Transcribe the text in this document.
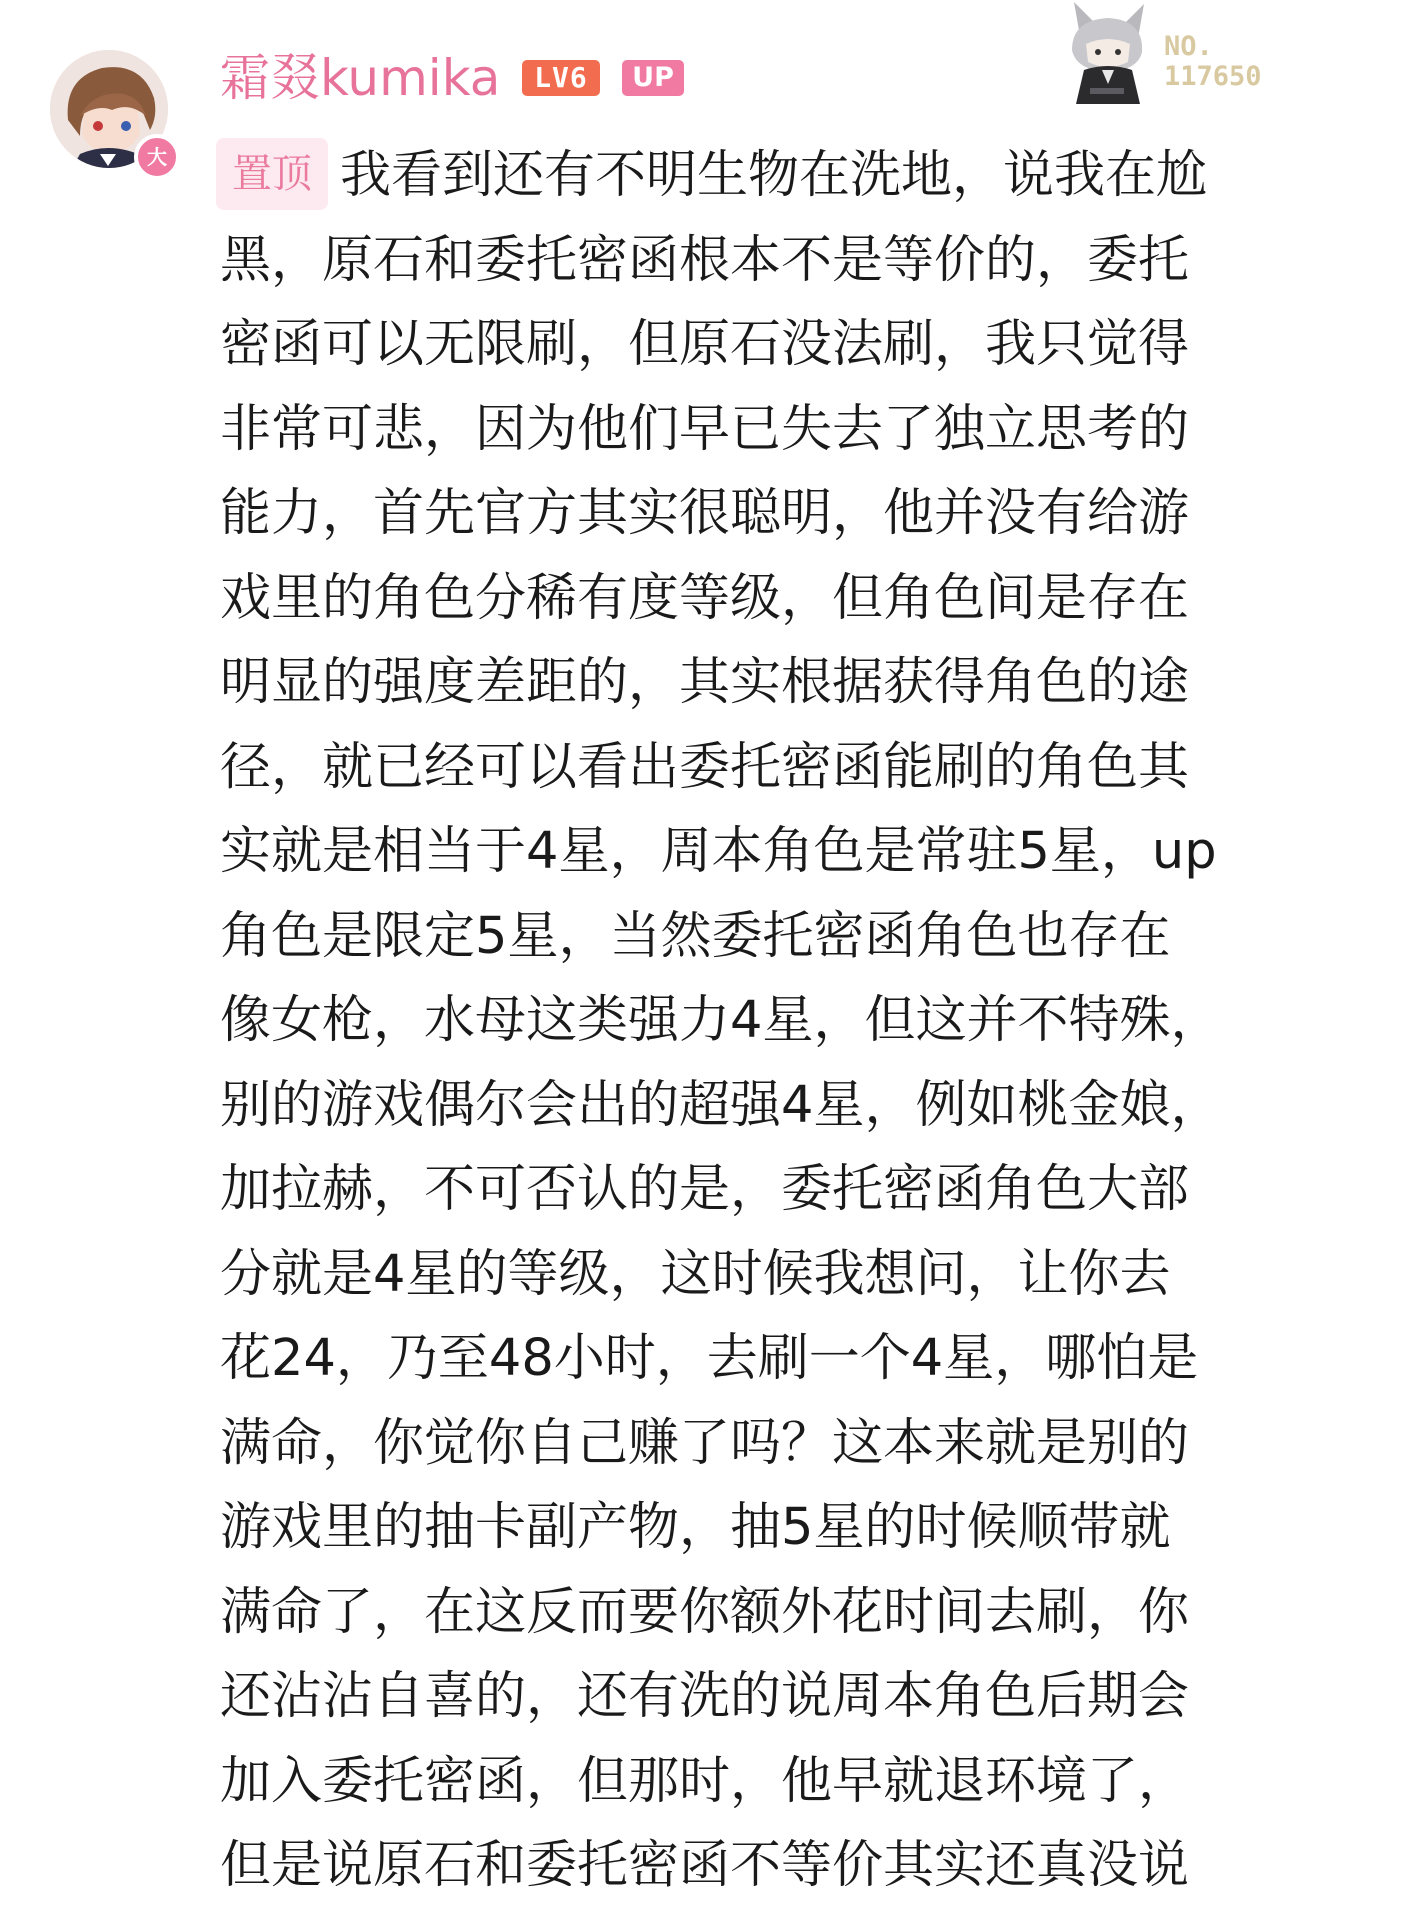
大
霜叕kumika	LV6	UP
NO.
117650
置顶 我看到还有不明生物在洗地，说我在尬
黑，原石和委托密函根本不是等价的，委托
密函可以无限刷，但原石没法刷，我只觉得
非常可悲，因为他们早已失去了独立思考的
能力，首先官方其实很聪明，他并没有给游
戏里的角色分稀有度等级，但角色间是存在
明显的强度差距的，其实根据获得角色的途
径，就已经可以看出委托密函能刷的角色其
实就是相当于4星，周本角色是常驻5星，up
角色是限定5星，当然委托密函角色也存在
像女枪，水母这类强力4星，但这并不特殊，
别的游戏偶尔会出的超强4星，例如桃金娘，
加拉赫，不可否认的是，委托密函角色大部
分就是4星的等级，这时候我想问，让你去
花24，乃至48小时，去刷一个4星，哪怕是
满命，你觉你自己赚了吗？这本来就是别的
游戏里的抽卡副产物，抽5星的时候顺带就
满命了，在这反而要你额外花时间去刷，你
还沾沾自喜的，还有洗的说周本角色后期会
加入委托密函，但那时，他早就退环境了，
但是说原石和委托密函不等价其实还真没说
